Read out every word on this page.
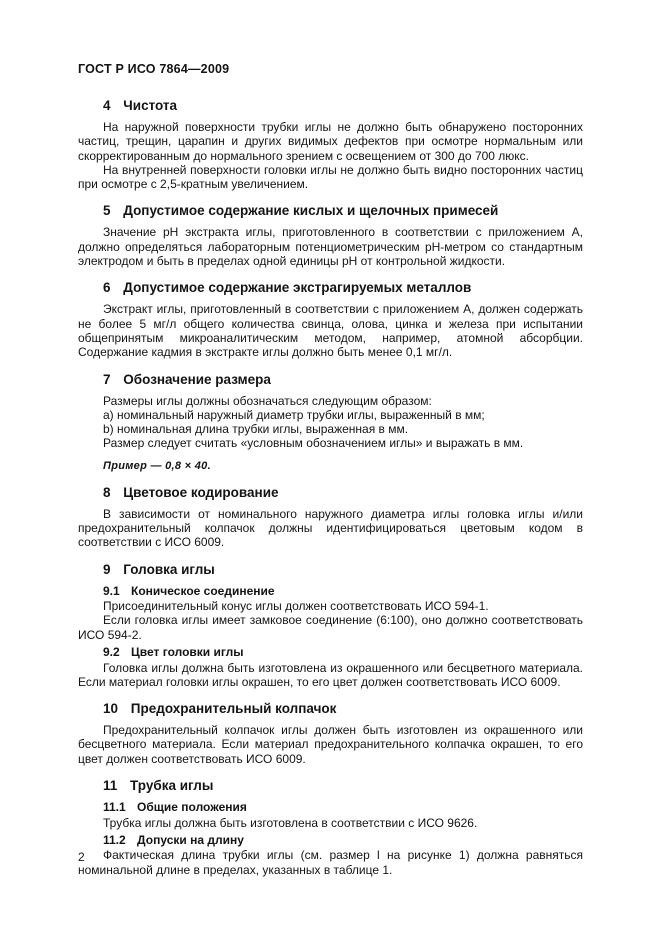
ГОСТ Р ИСО 7864—2009
4 Чистота

На наружной поверхности трубки иглы не должно быть обнаружено посторонних частиц, трещин, царапин и других видимых дефектов при осмотре нормальным или скорректированным до нормального зрением с освещением от 300 до 700 люкс.

На внутренней поверхности головки иглы не должно быть видно посторонних частиц при осмотре с 2,5-кратным увеличением.

5 Допустимое содержание кислых и щелочных примесей

Значение pH экстракта иглы, приготовленного в соответствии с приложением А, должно определяться лабораторным потенциометрическим pH-метром со стандартным электродом и быть в пределах одной единицы pH от контрольной жидкости.

6 Допустимое содержание экстрагируемых металлов

Экстракт иглы, приготовленный в соответствии с приложением А, должен содержать не более 5 мг/л общего количества свинца, олова, цинка и железа при испытании общепринятым микроаналитическим методом, например, атомной абсорбции. Содержание кадмия в экстракте иглы должно быть менее 0,1 мг/л.

7 Обозначение размера

Размеры иглы должны обозначаться следующим образом:

a) номинальный наружный диаметр трубки иглы, выраженный в мм;

b) номинальная длина трубки иглы, выраженная в мм.

Размер следует считать «условным обозначением иглы» и выражать в мм.

Пример — 0,8 × 40.

8 Цветовое кодирование

В зависимости от номинального наружного диаметра иглы головка иглы и/или предохранительный колпачок должны идентифицироваться цветовым кодом в соответствии с ИСО 6009.

9 Головка иглы
9.1 Коническое соединение

Присоединительный конус иглы должен соответствовать ИСО 594-1.

Если головка иглы имеет замковое соединение (6:100), оно должно соответствовать ИСО 594-2.

9.2 Цвет головки иглы

Головка иглы должна быть изготовлена из окрашенного или бесцветного материала. Если материал головки иглы окрашен, то его цвет должен соответствовать ИСО 6009.

10 Предохранительный колпачок

Предохранительный колпачок иглы должен быть изготовлен из окрашенного или бесцветного материала. Если материал предохранительного колпачка окрашен, то его цвет должен соответствовать ИСО 6009.

11 Трубка иглы
11.1 Общие положения

Трубка иглы должна быть изготовлена в соответствии с ИСО 9626.

11.2 Допуски на длину

Фактическая длина трубки иглы (см. размер l на рисунке 1) должна равняться номинальной длине в пределах, указанных в таблице 1.

2
